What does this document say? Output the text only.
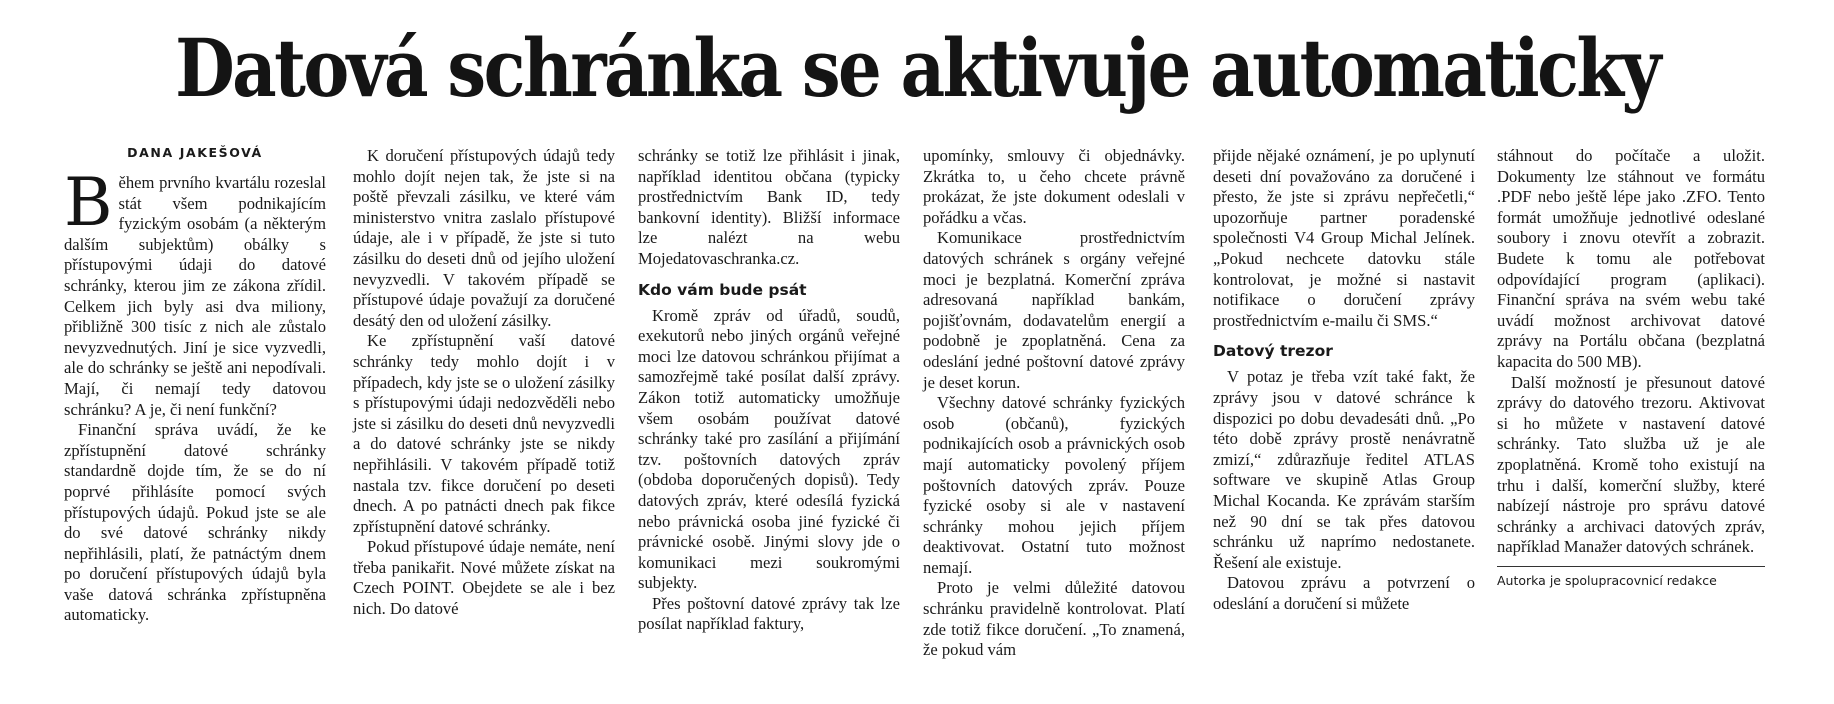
Datová schránka se aktivuje automaticky
DANA JAKEŠOVÁ

Během prvního kvartálu rozeslal stát všem podnikajícím fyzickým osobám (a některým dalším subjektům) obálky s přístupovými údaji do datové schránky, kterou jim ze zákona zřídil. Celkem jich byly asi dva miliony, přibližně 300 tisíc z nich ale zůstalo nevyzvednutých. Jiní je sice vyzvedli, ale do schránky se ještě ani nepodívali. Mají, či nemají tedy datovou schránku? A je, či není funkční?

Finanční správa uvádí, že ke zpřístupnění datové schránky standardně dojde tím, že se do ní poprvé přihlásíte pomocí svých přístupových údajů. Pokud jste se ale do své datové schránky nikdy nepřihlásili, platí, že patnáctým dnem po doručení přístupových údajů byla vaše datová schránka zpřístupněna automaticky.

K doručení přístupových údajů tedy mohlo dojít nejen tak, že jste si na poště převzali zásilku, ve které vám ministerstvo vnitra zaslalo přístupové údaje, ale i v případě, že jste si tuto zásilku do deseti dnů od jejího uložení nevyzvedli. V takovém případě se přístupové údaje považují za doručené desátý den od uložení zásilky.

Ke zpřístupnění vaší datové schránky tedy mohlo dojít i v případech, kdy jste se o uložení zásilky s přístupovými údaji nedozvěděli nebo jste si zásilku do deseti dnů nevyzvedli a do datové schránky jste se nikdy nepřihlásili. V takovém případě totiž nastala tzv. fikce doručení po deseti dnech. A po patnácti dnech pak fikce zpřístupnění datové schránky.

Pokud přístupové údaje nemáte, není třeba panikařit. Nové můžete získat na Czech POINT. Obejdete se ale i bez nich. Do datové

schránky se totiž lze přihlásit i jinak, například identitou občana (typicky prostřednictvím Bank ID, tedy bankovní identity). Bližší informace lze nalézt na webu Mojedatovaschranka.cz.

Kdo vám bude psát

Kromě zpráv od úřadů, soudů, exekutorů nebo jiných orgánů veřejné moci lze datovou schránkou přijímat a samozřejmě také posílat další zprávy. Zákon totiž automaticky umožňuje všem osobám používat datové schránky také pro zasílání a přijímání tzv. poštovních datových zpráv (obdoba doporučených dopisů). Tedy datových zpráv, které odesílá fyzická nebo právnická osoba jiné fyzické či právnické osobě. Jinými slovy jde o komunikaci mezi soukromými subjekty.

Přes poštovní datové zprávy tak lze posílat například faktury,

upomínky, smlouvy či objednávky. Zkrátka to, u čeho chcete právně prokázat, že jste dokument odeslali v pořádku a včas.

Komunikace prostřednictvím datových schránek s orgány veřejné moci je bezplatná. Komerční zpráva adresovaná například bankám, pojišťovnám, dodavatelům energií a podobně je zpoplatněná. Cena za odeslání jedné poštovní datové zprávy je deset korun.

Všechny datové schránky fyzických osob (občanů), fyzických podnikajících osob a právnických osob mají automaticky povolený příjem poštovních datových zpráv. Pouze fyzické osoby si ale v nastavení schránky mohou jejich příjem deaktivovat. Ostatní tuto možnost nemají.

Proto je velmi důležité datovou schránku pravidelně kontrolovat. Platí zde totiž fikce doručení. „To znamená, že pokud vám

přijde nějaké oznámení, je po uplynutí deseti dní považováno za doručené i přesto, že jste si zprávu nepřečetli,“ upozorňuje partner poradenské společnosti V4 Group Michal Jelínek. „Pokud nechcete datovku stále kontrolovat, je možné si nastavit notifikace o doručení zprávy prostřednictvím e-mailu či SMS.“

Datový trezor

V potaz je třeba vzít také fakt, že zprávy jsou v datové schránce k dispozici po dobu devadesáti dnů. „Po této době zprávy prostě nenávratně zmizí,“ zdůrazňuje ředitel ATLAS software ve skupině Atlas Group Michal Kocanda. Ke zprávám starším než 90 dní se tak přes datovou schránku už naprímo nedostanete. Řešení ale existuje.

Datovou zprávu a potvrzení o odeslání a doručení si můžete

stáhnout do počítače a uložit. Dokumenty lze stáhnout ve formátu .PDF nebo ještě lépe jako .ZFO. Tento formát umožňuje jednotlivé odeslané soubory i znovu otevřít a zobrazit. Budete k tomu ale potřebovat odpovídající program (aplikaci). Finanční správa na svém webu také uvádí možnost archivovat datové zprávy na Portálu občana (bezplatná kapacita do 500 MB).

Další možností je přesunout datové zprávy do datového trezoru. Aktivovat si ho můžete v nastavení datové schránky. Tato služba už je ale zpoplatněná. Kromě toho existují na trhu i další, komerční služby, které nabízejí nástroje pro správu datové schránky a archivaci datových zpráv, například Manažer datových schránek.

Autorka je spolupracovnicí redakce
